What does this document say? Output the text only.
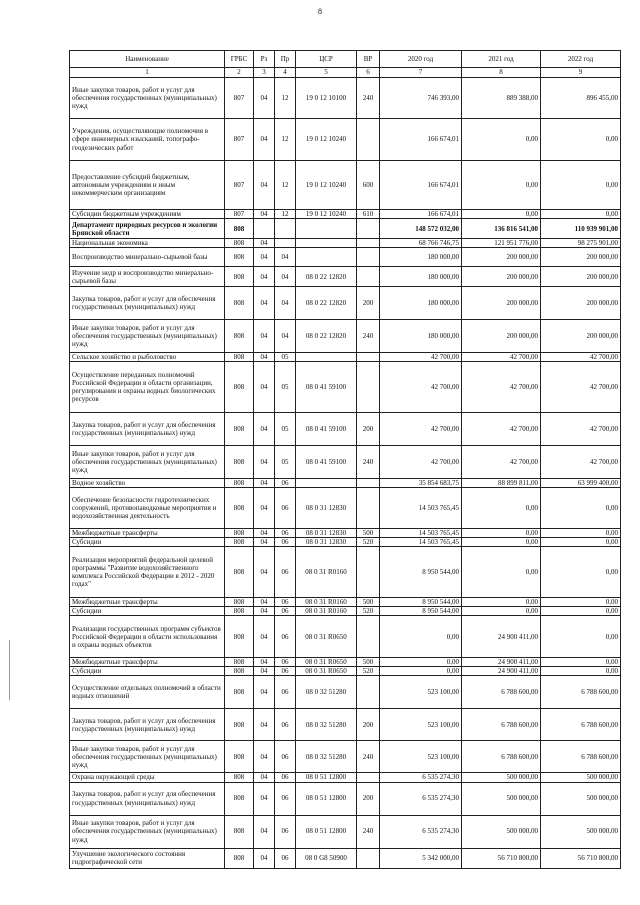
8
Наименование	ГРБС	Рз	Пр	ЦСР	ВР	2020 год	2021 год	2022 год
1	2	3	4	5	6	7	8	9
Иные закупки товаров, работ и услуг для обеспечения государственных (муниципальных) нужд	807	04	12	19 0 12 10100	240	746 393,00	889 388,00	896 455,00
Учреждения, осуществляющие полномочия в сфере инженерных изысканий, топографо-геодезических работ	807	04	12	19 0 12 10240		166 674,01	0,00	0,00
Предоставление субсидий бюджетным, автономным учреждениям и иным некоммерческим организациям	807	04	12	19 0 12 10240	600	166 674,01	0,00	0,00
Субсидии бюджетным учреждениям	807	04	12	19 0 12 10240	610	166 674,01	0,00	0,00
Департамент природных ресурсов и экологии Брянской области	808					148 572 032,00	136 816 541,00	110 939 901,00
Национальная экономика	808	04				68 766 746,75	121 951 776,00	98 275 901,00
Воспроизводство минерально-сырьевой базы	808	04	04			180 000,00	200 000,00	200 000,00
Изучение недр и воспроизводство минерально-сырьевой базы	808	04	04	08 0 22 12820		180 000,00	200 000,00	200 000,00
Закупка товаров, работ и услуг для обеспечения государственных (муниципальных) нужд	808	04	04	08 0 22 12820	200	180 000,00	200 000,00	200 000,00
Иные закупки товаров, работ и услуг для обеспечения государственных (муниципальных) нужд	808	04	04	08 0 22 12820	240	180 000,00	200 000,00	200 000,00
Сельское хозяйство и рыболовство	808	04	05			42 700,00	42 700,00	42 700,00
Осуществление переданных полномочий Российской Федерации в области организации, регулирования и охраны водных биологических ресурсов	808	04	05	08 0 41 59100		42 700,00	42 700,00	42 700,00
Закупка товаров, работ и услуг для обеспечения государственных (муниципальных) нужд	808	04	05	08 0 41 59100	200	42 700,00	42 700,00	42 700,00
Иные закупки товаров, работ и услуг для обеспечения государственных (муниципальных) нужд	808	04	05	08 0 41 59100	240	42 700,00	42 700,00	42 700,00
Водное хозяйство	808	04	06			35 854 683,75	88 899 811,00	63 999 400,00
Обеспечение безопасности гидротехнических сооружений, противопаводковые мероприятия и водохозяйственная деятельность	808	04	06	08 0 31 12830		14 503 765,45	0,00	0,00
Межбюджетные трансферты	808	04	06	08 0 31 12830	500	14 503 765,45	0,00	0,00
Субсидии	808	04	06	08 0 31 12830	520	14 503 765,45	0,00	0,00
Реализация мероприятий федеральной целевой программы "Развитие водохозяйственного комплекса Российской Федерации в 2012 - 2020 годах"	808	04	06	08 0 31 R0160		8 950 544,00	0,00	0,00
Межбюджетные трансферты	808	04	06	08 0 31 R0160	500	8 950 544,00	0,00	0,00
Субсидии	808	04	06	08 0 31 R0160	520	8 950 544,00	0,00	0,00
Реализация государственных программ субъектов Российской Федерации в области использования и охраны водных объектов	808	04	06	08 0 31 R0650		0,00	24 900 411,00	0,00
Межбюджетные трансферты	808	04	06	08 0 31 R0650	500	0,00	24 900 411,00	0,00
Субсидии	808	04	06	08 0 31 R0650	520	0,00	24 900 411,00	0,00
Осуществление отдельных полномочий в области водных отношений	808	04	06	08 0 32 51280		523 100,00	6 788 600,00	6 788 600,00
Закупка товаров, работ и услуг для обеспечения государственных (муниципальных) нужд	808	04	06	08 0 32 51280	200	523 100,00	6 788 600,00	6 788 600,00
Иные закупки товаров, работ и услуг для обеспечения государственных (муниципальных) нужд	808	04	06	08 0 32 51280	240	523 100,00	6 788 600,00	6 788 600,00
Охрана окружающей среды	808	04	06	08 0 51 12800		6 535 274,30	500 000,00	500 000,00
Закупка товаров, работ и услуг для обеспечения государственных (муниципальных) нужд	808	04	06	08 0 51 12800	200	6 535 274,30	500 000,00	500 000,00
Иные закупки товаров, работ и услуг для обеспечения государственных (муниципальных) нужд	808	04	06	08 0 51 12800	240	6 535 274,30	500 000,00	500 000,00
Улучшение экологического состояния гидрографической сети	808	04	06	08 0 G8 50900		5 342 000,00	56 710 800,00	56 710 800,00
